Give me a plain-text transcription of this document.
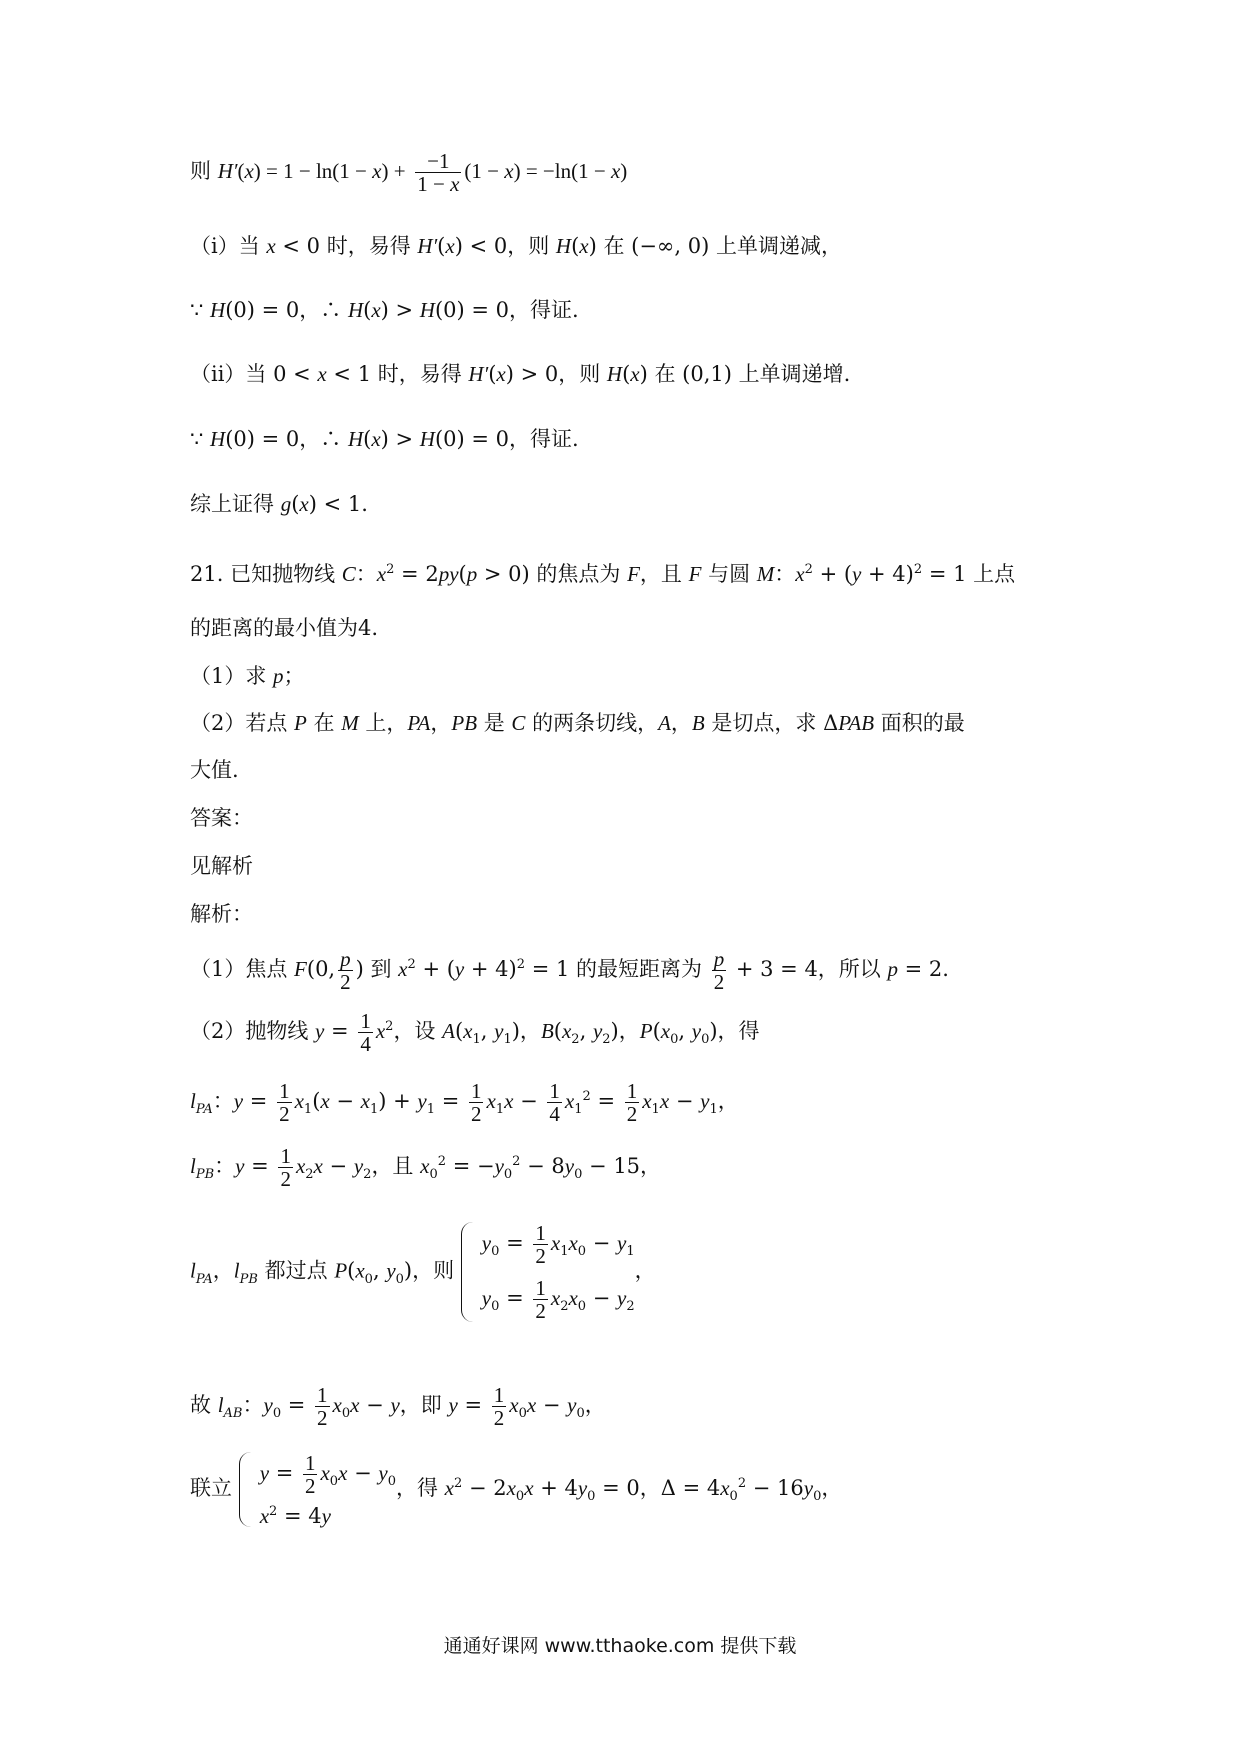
则 $H'(x) = 1 - \ln(1 - x) + \frac{-1}{1 - x} (1 - x) = -\ln(1 - x)$
（i）当 x < 0 时，易得 H′(x) < 0，则 H(x) 在 (−∞, 0) 上单调递减，
∵ H(0) = 0，∴ H(x) > H(0) = 0，得证.
（ii）当 0 < x < 1 时，易得 H′(x) > 0，则 H(x) 在 (0,1) 上单调递增.
∵ H(0) = 0，∴ H(x) > H(0) = 0，得证.
综上证得 g(x) < 1.
21. 已知抛物线 C：$x^2 = 2py(p > 0)$ 的焦点为 F，且 F 与圆 M：$x^2 + (y + 4)^2 = 1$ 上点
的距离的最小值为4.
（1）求 p；
（2）若点 P 在 M 上，PA，PB 是 C 的两条切线，A，B 是切点，求 ΔPAB 面积的最
大值.
答案：
见解析
解析：
（1）焦点 F(0, $\frac{p}{2}$ ) 到 $x^2 + (y + 4)^2 = 1$ 的最短距离为 $\frac{p}{2} + 3 = 4$，所以 p = 2.
（2）抛物线 $y = \frac{1}{4} x^2$，设 $A(x_1$, $y_1$)，$B(x_2$, $y_2$)，$P(x_0$, $y_0$)，得
$l_{PA}$：$y = \frac{1}{2} x_1(x - x_1) + y_1 = \frac{1}{2} x_1x - \frac{1}{4} x_1^2 = \frac{1}{2} x_1x - y_1$，
$l_{PB}$：$y = \frac{1}{2} x_2x - y_2$，且 $x_0^2 = -y_0^2 - 8y_0 - 15$，
$l_{PA}$，$l_{PB}$ 都过点 $P(x_0$, $y_0$)，则
$y_0 = \frac{1}{2} x_1x_0 - y_1$
$y_0 = \frac{1}{2} x_2x_0 - y_2$
，
故 $l_{AB}$：$y_0 = \frac{1}{2} x_0x - y$，即 $y = \frac{1}{2} x_0x - y_0$，
联立
$y = \frac{1}{2} x_0x - y_0$
$x^2 = 4y$
，得 $x^2 - 2x_0x + 4y_0 = 0$，$\Delta = 4x_0^2 - 16y_0$，
通通好课网 www.tthaoke.com 提供下载
